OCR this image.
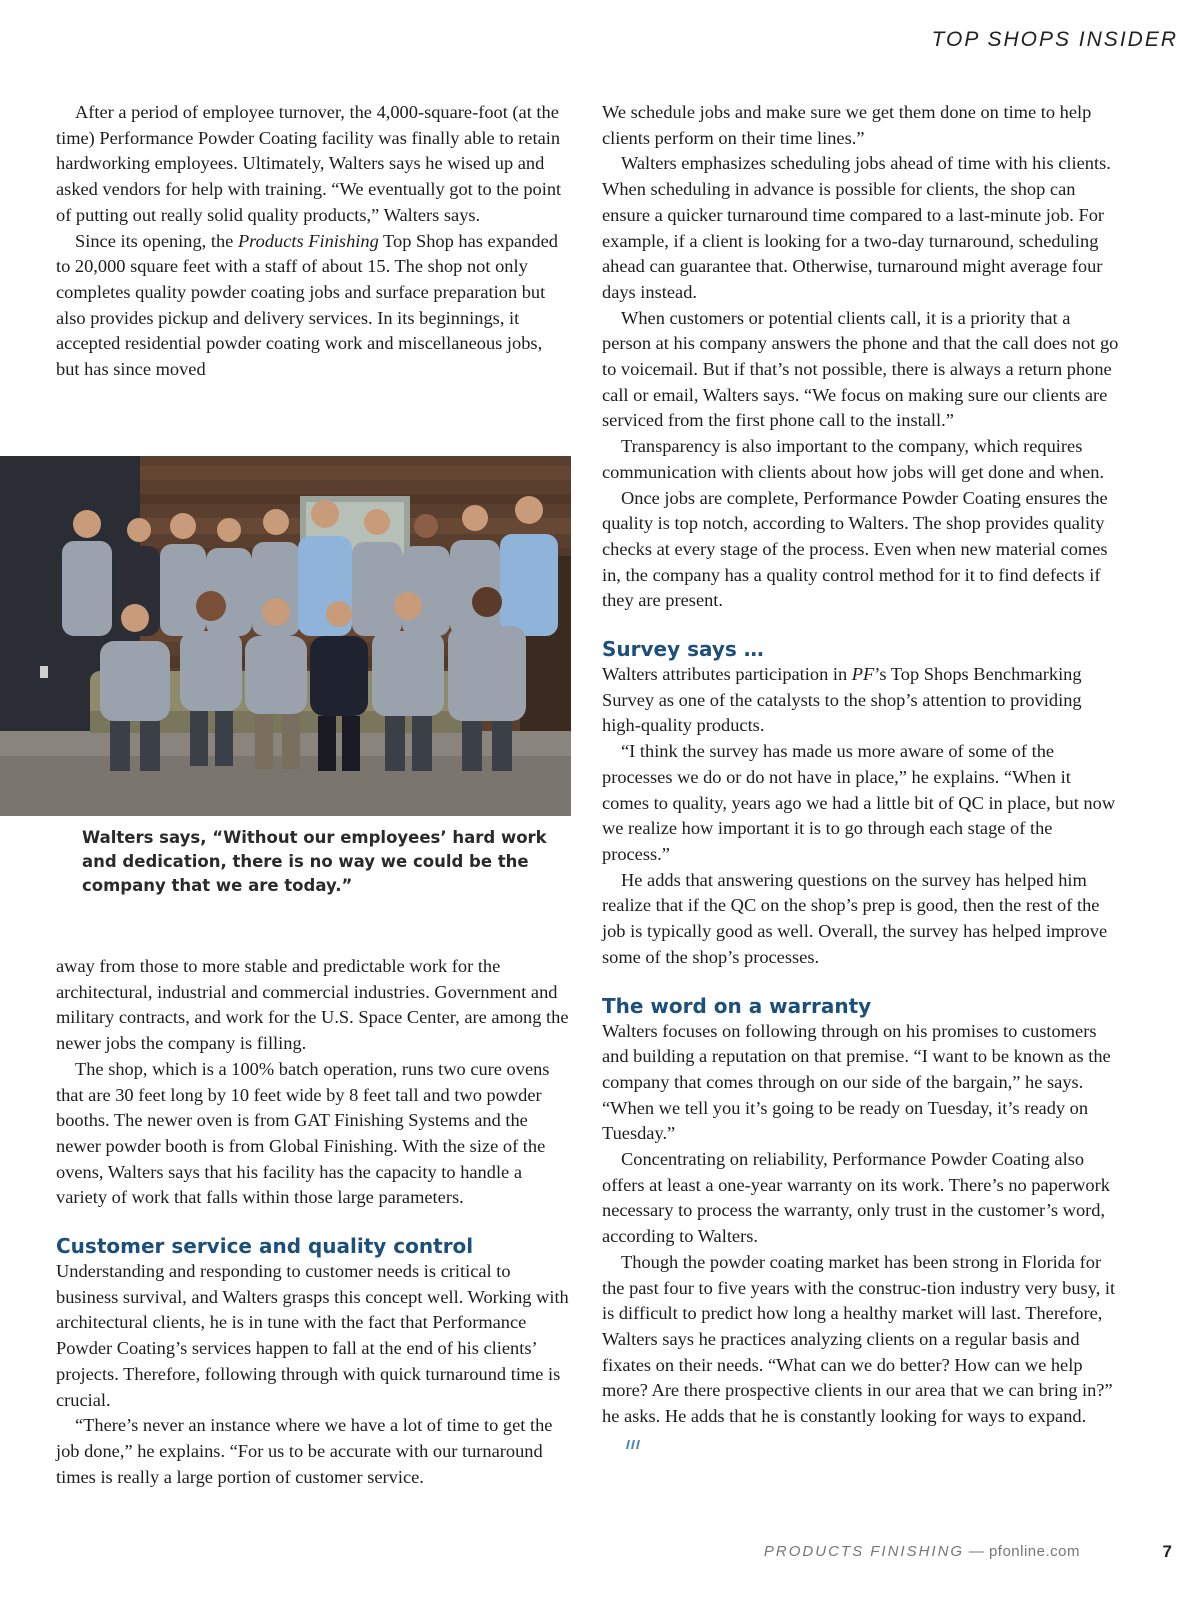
TOP SHOPS INSIDER

After a period of employee turnover, the 4,000-square-foot (at the time) Performance Powder Coating facility was finally able to retain hardworking employees. Ultimately, Walters says he wised up and asked vendors for help with training. “We eventually got to the point of putting out really solid quality products,” Walters says.

Since its opening, the Products Finishing Top Shop has expanded to 20,000 square feet with a staff of about 15. The shop not only completes quality powder coating jobs and surface preparation but also provides pickup and delivery services. In its beginnings, it accepted residential powder coating work and miscellaneous jobs, but has since moved

Walters says, “Without our employees’ hard work and dedication, there is no way we could be the company that we are today.”

away from those to more stable and predictable work for the architectural, industrial and commercial industries. Government and military contracts, and work for the U.S. Space Center, are among the newer jobs the company is filling.

The shop, which is a 100% batch operation, runs two cure ovens that are 30 feet long by 10 feet wide by 8 feet tall and two powder booths. The newer oven is from GAT Finishing Systems and the newer powder booth is from Global Finishing. With the size of the ovens, Walters says that his facility has the capacity to handle a variety of work that falls within those large parameters.

Customer service and quality control

Understanding and responding to customer needs is critical to business survival, and Walters grasps this concept well. Working with architectural clients, he is in tune with the fact that Performance Powder Coating’s services happen to fall at the end of his clients’ projects. Therefore, following through with quick turnaround time is crucial.

“There’s never an instance where we have a lot of time to get the job done,” he explains. “For us to be accurate with our turnaround times is really a large portion of customer service.

We schedule jobs and make sure we get them done on time to help clients perform on their time lines.”

Walters emphasizes scheduling jobs ahead of time with his clients. When scheduling in advance is possible for clients, the shop can ensure a quicker turnaround time compared to a last-minute job. For example, if a client is looking for a two-day turnaround, scheduling ahead can guarantee that. Otherwise, turnaround might average four days instead.

When customers or potential clients call, it is a priority that a person at his company answers the phone and that the call does not go to voicemail. But if that’s not possible, there is always a return phone call or email, Walters says. “We focus on making sure our clients are serviced from the first phone call to the install.”

Transparency is also important to the company, which requires communication with clients about how jobs will get done and when.

Once jobs are complete, Performance Powder Coating ensures the quality is top notch, according to Walters. The shop provides quality checks at every stage of the process. Even when new material comes in, the company has a quality control method for it to find defects if they are present.

Survey says …

Walters attributes participation in PF’s Top Shops Benchmarking Survey as one of the catalysts to the shop’s attention to providing high-quality products.

“I think the survey has made us more aware of some of the processes we do or do not have in place,” he explains. “When it comes to quality, years ago we had a little bit of QC in place, but now we realize how important it is to go through each stage of the process.”

He adds that answering questions on the survey has helped him realize that if the QC on the shop’s prep is good, then the rest of the job is typically good as well. Overall, the survey has helped improve some of the shop’s processes.

The word on a warranty

Walters focuses on following through on his promises to customers and building a reputation on that premise. “I want to be known as the company that comes through on our side of the bargain,” he says. “When we tell you it’s going to be ready on Tuesday, it’s ready on Tuesday.”

Concentrating on reliability, Performance Powder Coating also offers at least a one-year warranty on its work. There’s no paperwork necessary to process the warranty, only trust in the customer’s word, according to Walters.

Though the powder coating market has been strong in Florida for the past four to five years with the construc-tion industry very busy, it is difficult to predict how long a healthy market will last. Therefore, Walters says he practices analyzing clients on a regular basis and fixates on their needs. “What can we do better? How can we help more? Are there prospective clients in our area that we can bring in?” he asks. He adds that he is constantly looking for ways to expand.

PRODUCTS FINISHING — pfonline.com	7
